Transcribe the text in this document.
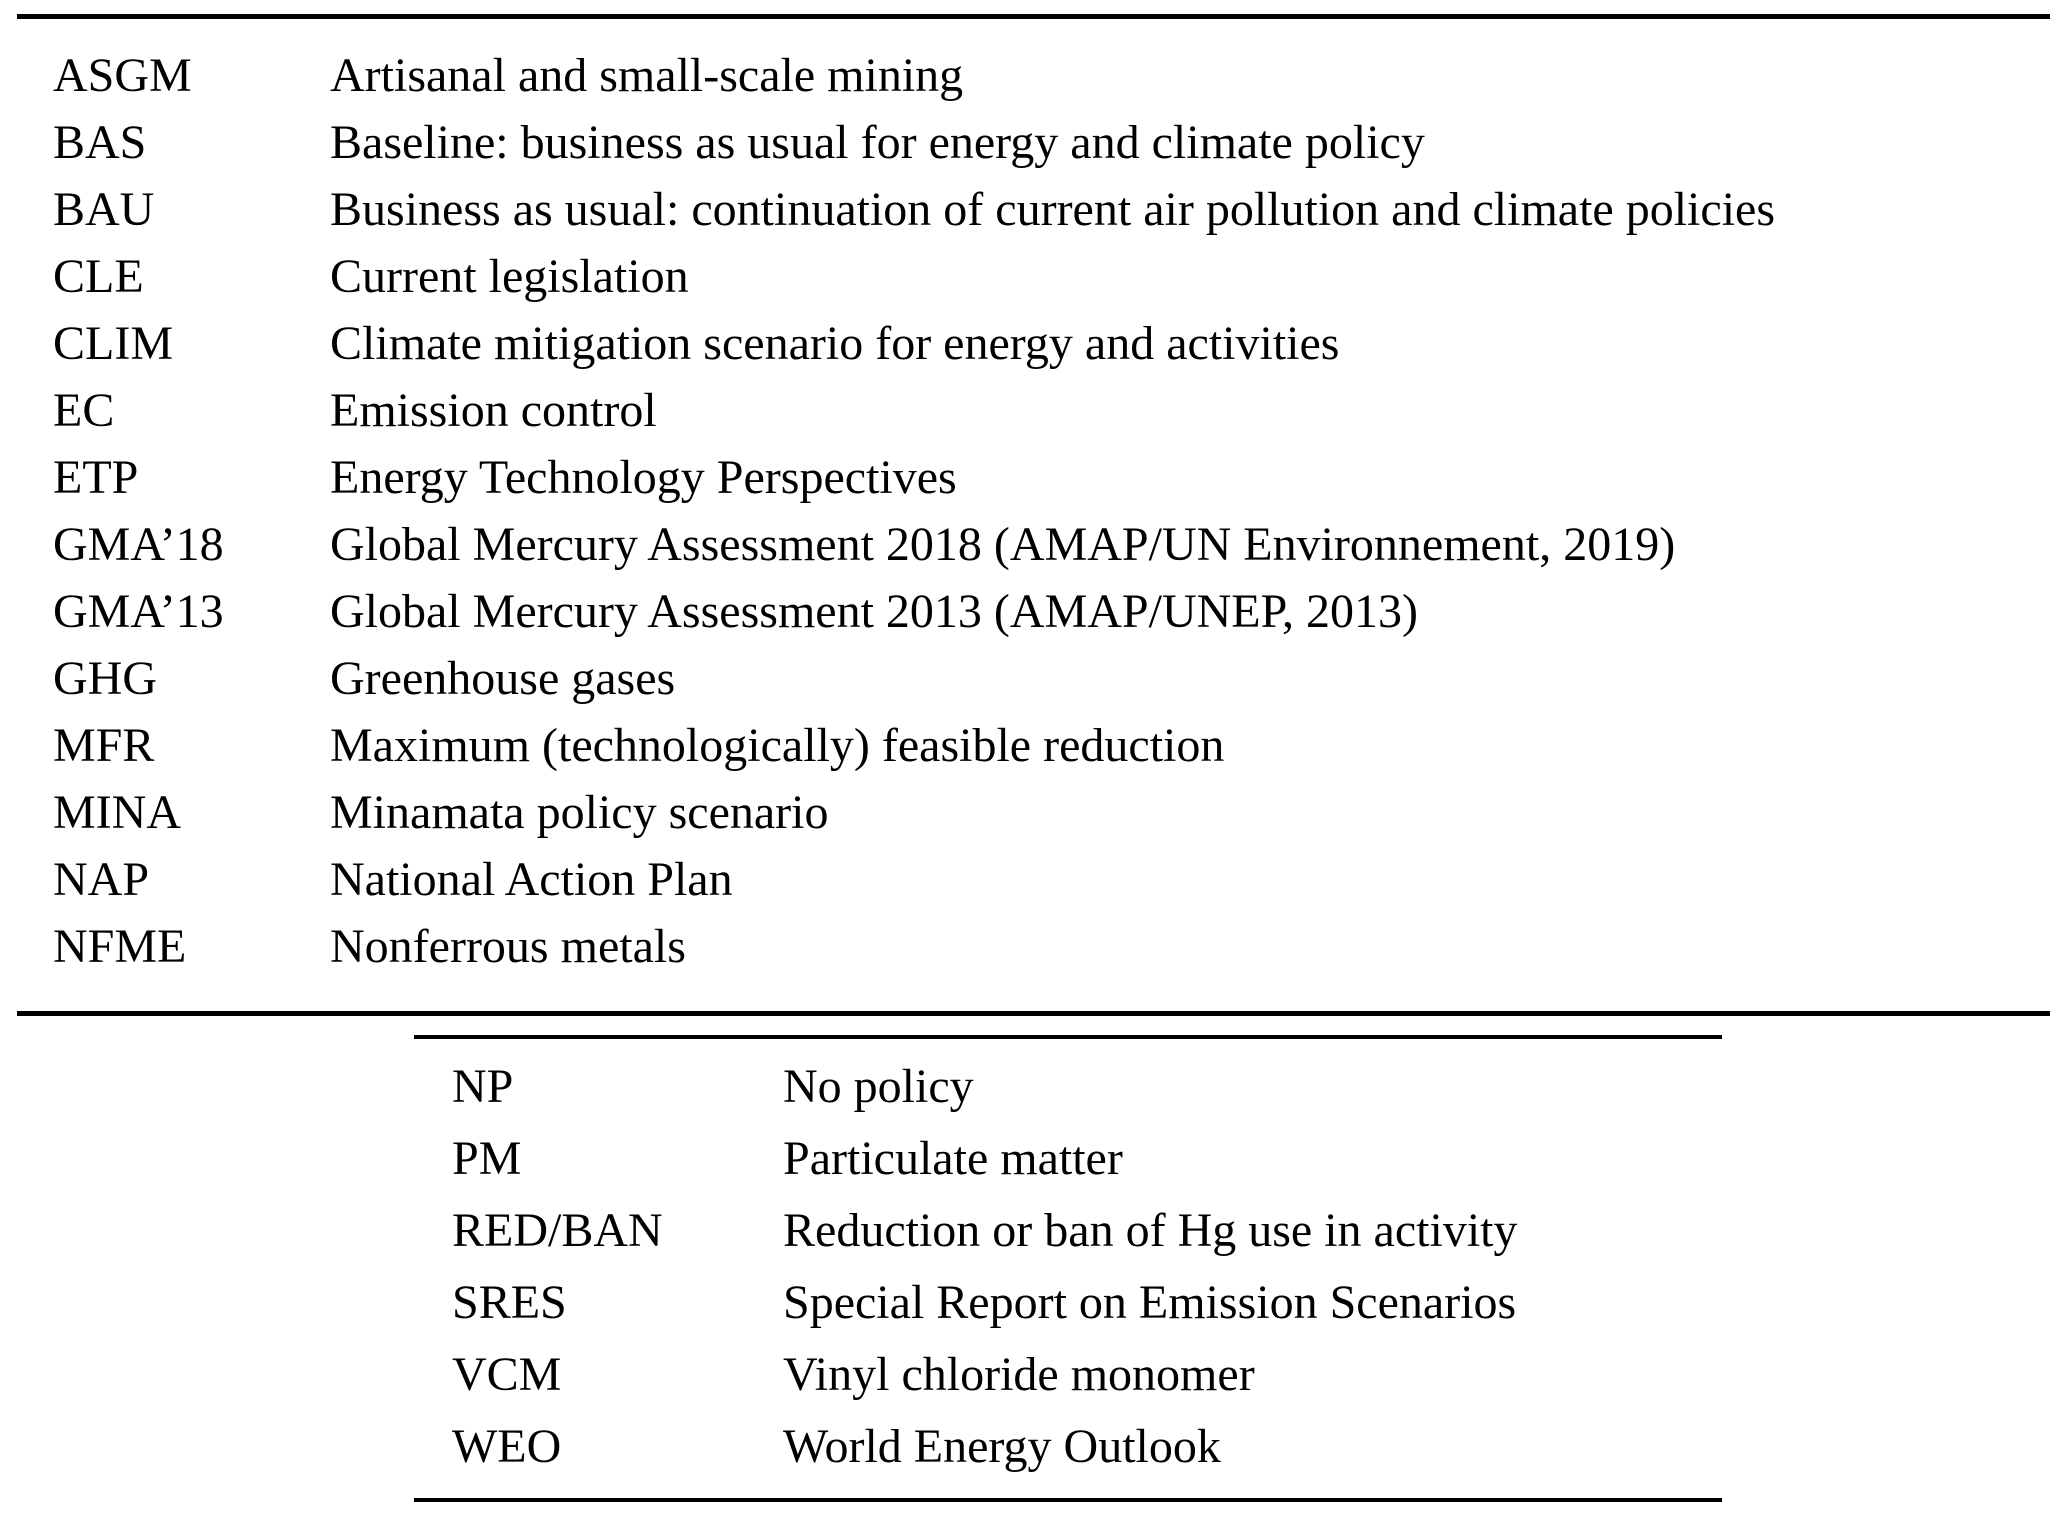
ASGM	Artisanal and small-scale mining
BAS	Baseline: business as usual for energy and climate policy
BAU	Business as usual: continuation of current air pollution and climate policies
CLE	Current legislation
CLIM	Climate mitigation scenario for energy and activities
EC	Emission control
ETP	Energy Technology Perspectives
GMA’18	Global Mercury Assessment 2018 (AMAP/UN Environnement, 2019)
GMA’13	Global Mercury Assessment 2013 (AMAP/UNEP, 2013)
GHG	Greenhouse gases
MFR	Maximum (technologically) feasible reduction
MINA	Minamata policy scenario
NAP	National Action Plan
NFME	Nonferrous metals
NP	No policy
PM	Particulate matter
RED/BAN	Reduction or ban of Hg use in activity
SRES	Special Report on Emission Scenarios
VCM	Vinyl chloride monomer
WEO	World Energy Outlook
